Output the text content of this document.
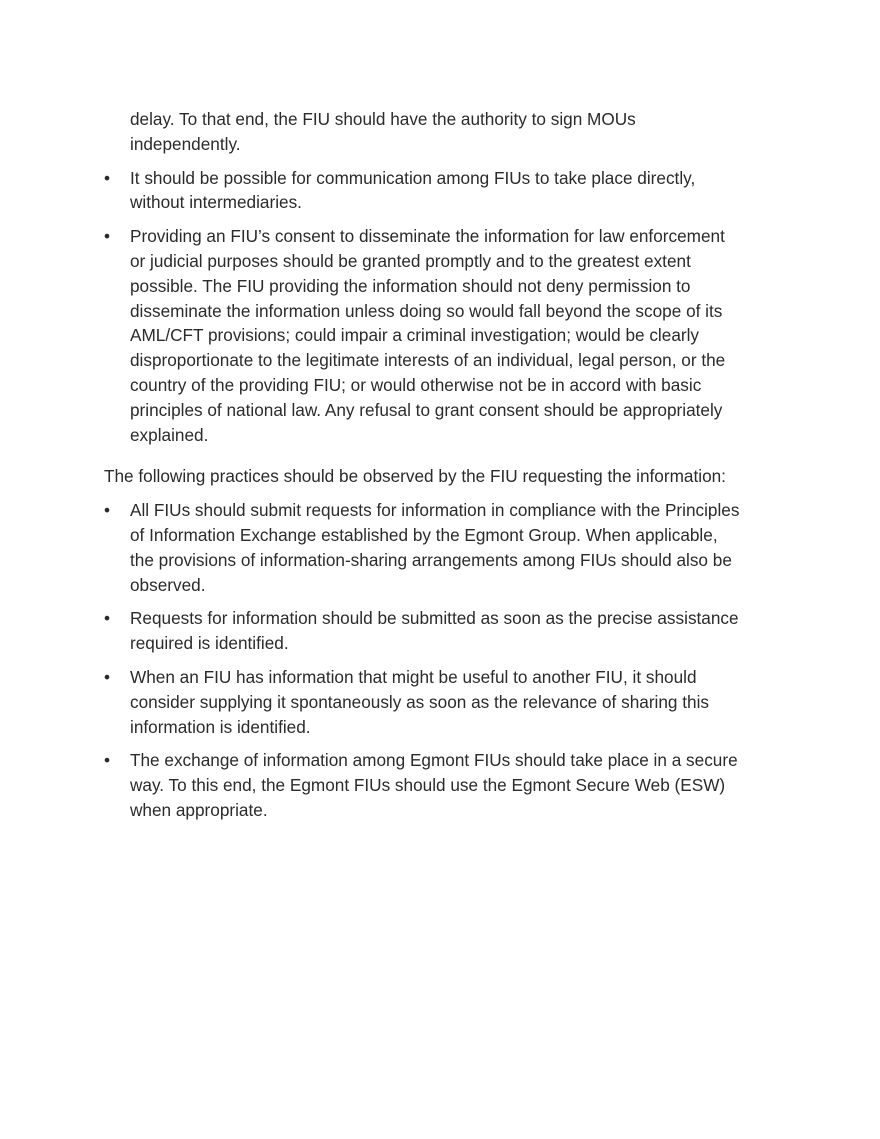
delay. To that end, the FIU should have the authority to sign MOUs independently.

•	It should be possible for communication among FIUs to take place directly, without intermediaries.
•	Providing an FIU’s consent to disseminate the information for law enforcement or judicial purposes should be granted promptly and to the greatest extent possible. The FIU providing the information should not deny permission to disseminate the information unless doing so would fall beyond the scope of its AML/CFT provisions; could impair a criminal investigation; would be clearly disproportionate to the legitimate interests of an individual, legal person, or the country of the providing FIU; or would otherwise not be in accord with basic principles of national law. Any refusal to grant consent should be appropriately explained.

The following practices should be observed by the FIU requesting the information:

•	All FIUs should submit requests for information in compliance with the Principles of Information Exchange established by the Egmont Group. When applicable, the provisions of information-sharing arrangements among FIUs should also be observed.
•	Requests for information should be submitted as soon as the precise assistance required is identified.
•	When an FIU has information that might be useful to another FIU, it should consider supplying it spontaneously as soon as the relevance of sharing this information is identified.
•	The exchange of information among Egmont FIUs should take place in a secure way. To this end, the Egmont FIUs should use the Egmont Secure Web (ESW) when appropriate.
